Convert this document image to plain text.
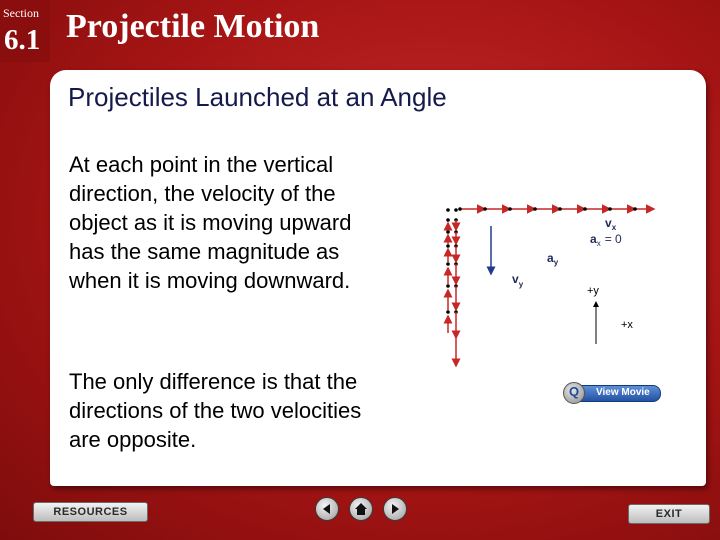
Section
6.1 Projectile Motion
Projectiles Launched at an Angle
At each point in the vertical direction, the velocity of the object as it is moving upward has the same magnitude as when it is moving downward.
The only difference is that the directions of the two velocities are opposite.
$v_x$
$a_x = 0$
$a_y$
$v_y$
+y
+x
View Movie
Q
RESOURCES	EXIT
